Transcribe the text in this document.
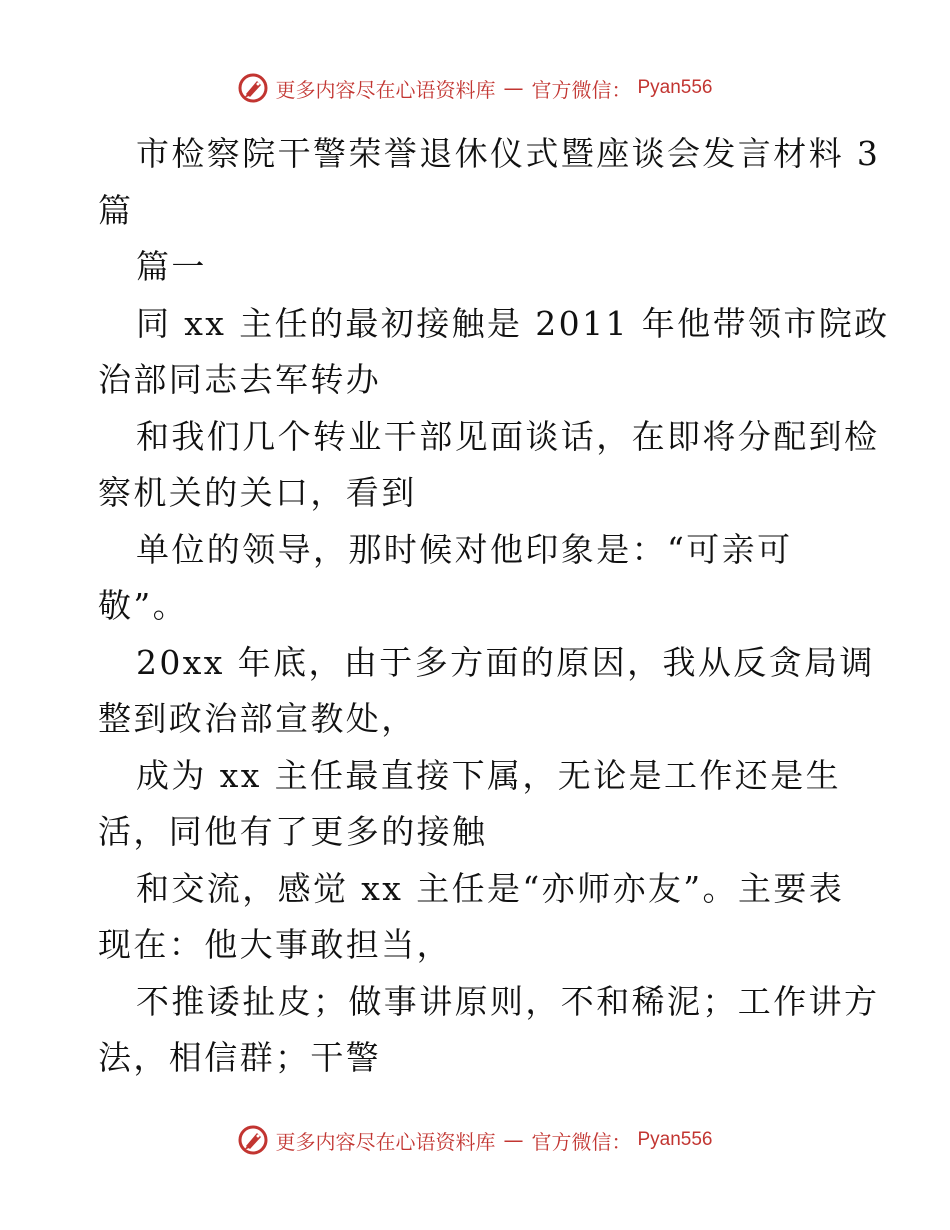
更多内容尽在心语资料库 — 官方微信： Pyan556
市检察院干警荣誉退休仪式暨座谈会发言材料 3
篇
篇一
同 xx 主任的最初接触是 2011 年他带领市院政
治部同志去军转办
和我们几个转业干部见面谈话，在即将分配到检
察机关的关口，看到
单位的领导，那时候对他印象是：“可亲可
敬”。
20xx 年底，由于多方面的原因，我从反贪局调
整到政治部宣教处，
成为 xx 主任最直接下属，无论是工作还是生
活，同他有了更多的接触
和交流，感觉 xx 主任是“亦师亦友”。主要表
现在：他大事敢担当，
不推诿扯皮；做事讲原则，不和稀泥；工作讲方
法，相信群；干警
更多内容尽在心语资料库 — 官方微信： Pyan556
